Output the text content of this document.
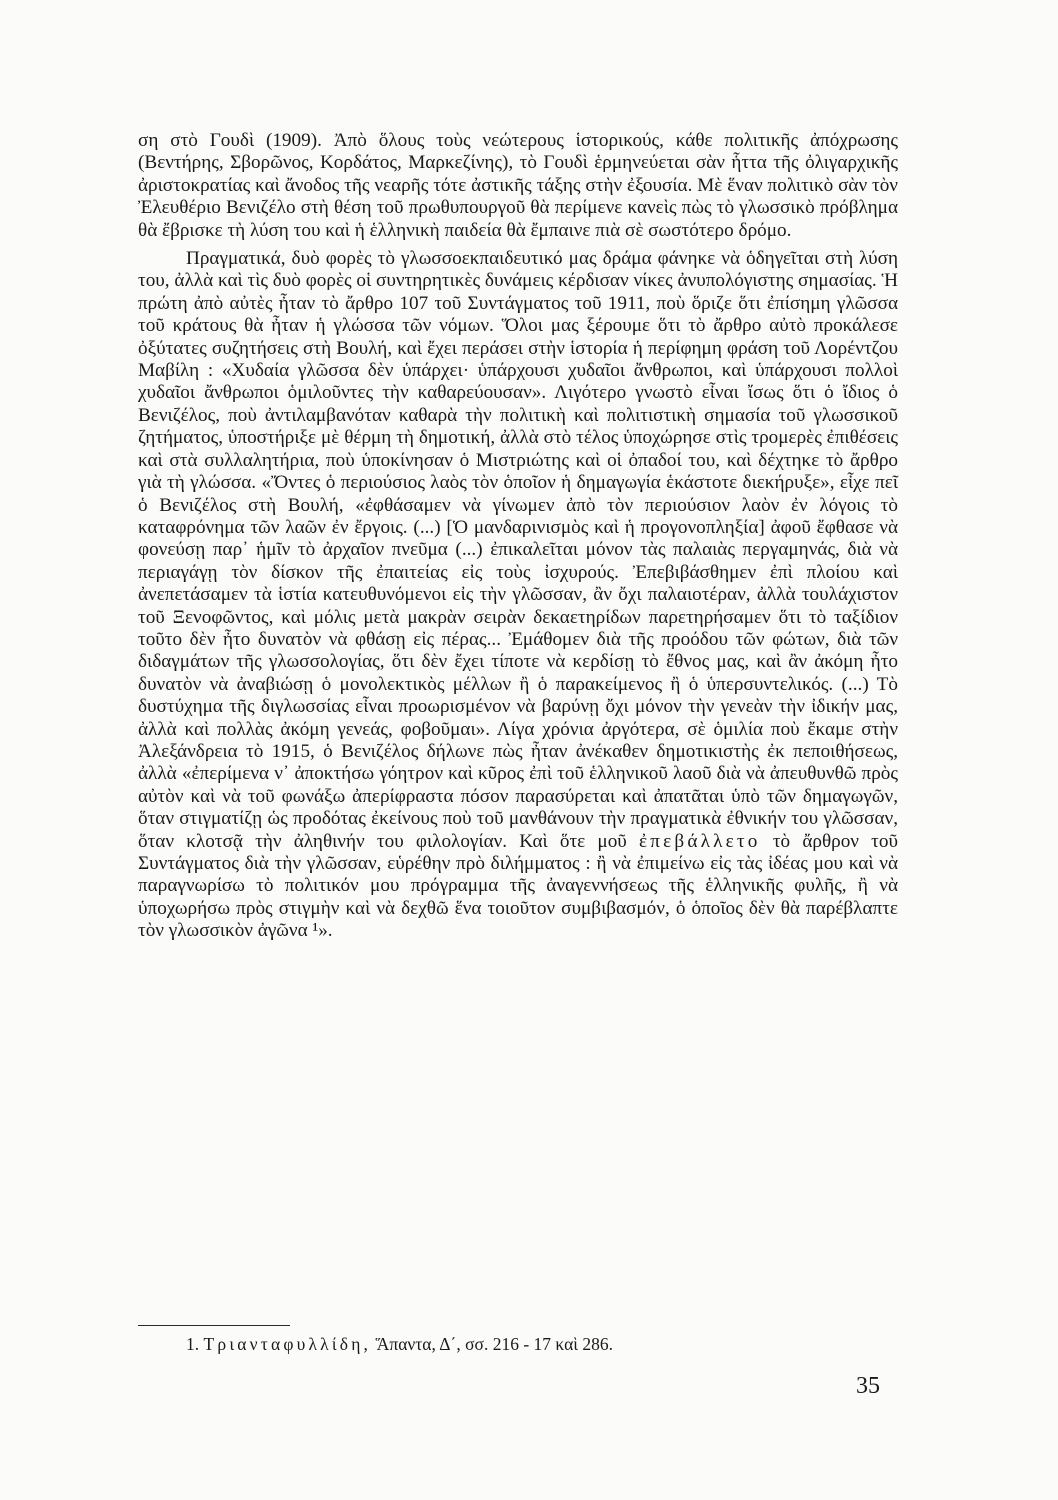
ση στὸ Γουδὶ (1909). Ἀπὸ ὅλους τοὺς νεώτερους ἱστορικούς, κάθε πολιτικῆς ἀπόχρωσης (Βεντήρης, Σβορῶνος, Κορδάτος, Μαρκεζίνης), τὸ Γουδὶ ἑρμηνεύεται σὰν ἧττα τῆς ὀλιγαρχικῆς ἀριστοκρατίας καὶ ἄνοδος τῆς νεαρῆς τότε ἀστικῆς τάξης στὴν ἐξουσία. Μὲ ἕναν πολιτικὸ σὰν τὸν Ἐλευθέριο Βενιζέλο στὴ θέση τοῦ πρωθυπουργοῦ θὰ περίμενε κανεὶς πὼς τὸ γλωσσικὸ πρόβλημα θὰ ἔβρισκε τὴ λύση του καὶ ἡ ἑλληνικὴ παιδεία θὰ ἔμπαινε πιὰ σὲ σωστότερο δρόμο.

Πραγματικά, δυὸ φορὲς τὸ γλωσσοεκπαιδευτικό μας δράμα φάνηκε νὰ ὁδηγεῖται στὴ λύση του, ἀλλὰ καὶ τὶς δυὸ φορὲς οἱ συντηρητικὲς δυνάμεις κέρδισαν νίκες ἀνυπολόγιστης σημασίας. Ἡ πρώτη ἀπὸ αὐτὲς ἦταν τὸ ἄρθρο 107 τοῦ Συντάγματος τοῦ 1911, ποὺ ὅριζε ὅτι ἐπίσημη γλῶσσα τοῦ κράτους θὰ ἦταν ἡ γλώσσα τῶν νόμων. Ὅλοι μας ξέρουμε ὅτι τὸ ἄρθρο αὐτὸ προκάλεσε ὀξύτατες συζητήσεις στὴ Βουλή, καὶ ἔχει περάσει στὴν ἱστορία ἡ περίφημη φράση τοῦ Λορέντζου Μαβίλη : «Χυδαία γλῶσσα δὲν ὑπάρχει· ὑπάρχουσι χυδαῖοι ἄνθρωποι, καὶ ὑπάρχουσι πολλοὶ χυδαῖοι ἄνθρωποι ὁμιλοῦντες τὴν καθαρεύουσαν». Λιγότερο γνωστὸ εἶναι ἴσως ὅτι ὁ ἴδιος ὁ Βενιζέλος, ποὺ ἀντιλαμβανόταν καθαρὰ τὴν πολιτικὴ καὶ πολιτιστικὴ σημασία τοῦ γλωσσικοῦ ζητήματος, ὑποστήριξε μὲ θέρμη τὴ δημοτική, ἀλλὰ στὸ τέλος ὑποχώρησε στὶς τρομερὲς ἐπιθέσεις καὶ στὰ συλλαλητήρια, ποὺ ὑποκίνησαν ὁ Μιστριώτης καὶ οἱ ὀπαδοί του, καὶ δέχτηκε τὸ ἄρθρο γιὰ τὴ γλώσσα. «Ὄντες ὁ περιούσιος λαὸς τὸν ὁποῖον ἡ δημαγωγία ἑκάστοτε διεκήρυξε», εἶχε πεῖ ὁ Βενιζέλος στὴ Βουλή, «ἐφθάσαμεν νὰ γίνωμεν ἀπὸ τὸν περιούσιον λαὸν ἐν λόγοις τὸ καταφρόνημα τῶν λαῶν ἐν ἔργοις. (...) [Ὁ μανδαρινισμὸς καὶ ἡ προγονοπληξία] ἀφοῦ ἔφθασε νὰ φονεύσῃ παρ᾽ ἡμῖν τὸ ἀρχαῖον πνεῦμα (...) ἐπικαλεῖται μόνον τὰς παλαιὰς περγαμηνάς, διὰ νὰ περιαγάγῃ τὸν δίσκον τῆς ἐπαιτείας εἰς τοὺς ἰσχυρούς. Ἐπεβιβάσθημεν ἐπὶ πλοίου καὶ ἀνεπετάσαμεν τὰ ἱστία κατευθυνόμενοι εἰς τὴν γλῶσσαν, ἂν ὄχι παλαιοτέραν, ἀλλὰ τουλάχιστον τοῦ Ξενοφῶντος, καὶ μόλις μετὰ μακρὰν σειρὰν δεκαετηρίδων παρετηρήσαμεν ὅτι τὸ ταξίδιον τοῦτο δὲν ἦτο δυνατὸν νὰ φθάσῃ εἰς πέρας... Ἐμάθομεν διὰ τῆς προόδου τῶν φώτων, διὰ τῶν διδαγμάτων τῆς γλωσσολογίας, ὅτι δὲν ἔχει τίποτε νὰ κερδίσῃ τὸ ἔθνος μας, καὶ ἂν ἀκόμη ἦτο δυνατὸν νὰ ἀναβιώσῃ ὁ μονολεκτικὸς μέλλων ἢ ὁ παρακείμενος ἢ ὁ ὑπερσυντελικός. (...) Τὸ δυστύχημα τῆς διγλωσσίας εἶναι προωρισμένον νὰ βαρύνῃ ὄχι μόνον τὴν γενεὰν τὴν ἰδικήν μας, ἀλλὰ καὶ πολλὰς ἀκόμη γενεάς, φοβοῦμαι». Λίγα χρόνια ἀργότερα, σὲ ὁμιλία ποὺ ἔκαμε στὴν Ἀλεξάνδρεια τὸ 1915, ὁ Βενιζέλος δήλωνε πὼς ἦταν ἀνέκαθεν δημοτικιστὴς ἐκ πεποιθήσεως, ἀλλὰ «ἐπερίμενα ν᾽ ἀποκτήσω γόητρον καὶ κῦρος ἐπὶ τοῦ ἑλληνικοῦ λαοῦ διὰ νὰ ἀπευθυνθῶ πρὸς αὐτὸν καὶ νὰ τοῦ φωνάξω ἀπερίφραστα πόσον παρασύρεται καὶ ἀπατᾶται ὑπὸ τῶν δημαγωγῶν, ὅταν στιγματίζῃ ὡς προδότας ἐκείνους ποὺ τοῦ μανθάνουν τὴν πραγματικὰ ἐθνικήν του γλῶσσαν, ὅταν κλοτσᾷ τὴν ἀληθινήν του φιλολογίαν. Καὶ ὅτε μοῦ ἐπεβάλλετο τὸ ἄρθρον τοῦ Συντάγματος διὰ τὴν γλῶσσαν, εὑρέθην πρὸ διλήμματος : ἢ νὰ ἐπιμείνω εἰς τὰς ἰδέας μου καὶ νὰ παραγνωρίσω τὸ πολιτικόν μου πρόγραμμα τῆς ἀναγεννήσεως τῆς ἑλληνικῆς φυλῆς, ἢ νὰ ὑποχωρήσω πρὸς στιγμὴν καὶ νὰ δεχθῶ ἕνα τοιοῦτον συμβιβασμόν, ὁ ὁποῖος δὲν θὰ παρέβλαπτε τὸν γλωσσικὸν ἀγῶνα ¹».

1. Τριανταφυλλίδη, Ἅπαντα, Δ΄, σσ. 216 - 17 καὶ 286.
35
